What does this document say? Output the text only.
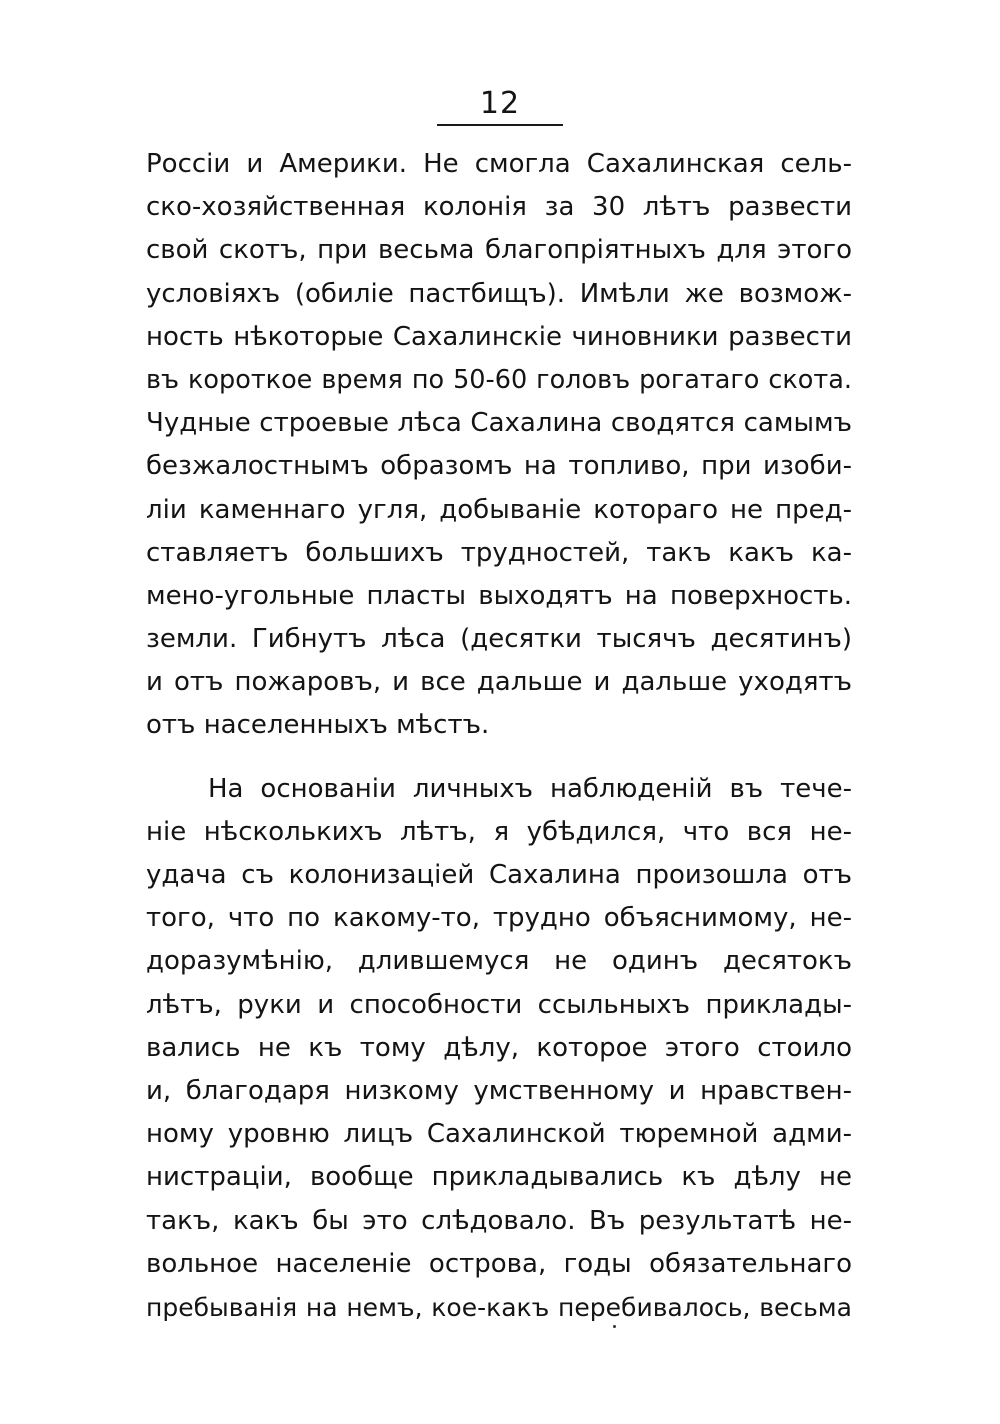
12
Россіи и Америки. Не смогла Сахалинская сель-
ско-хозяйственная колонія за 30 лѣтъ развести
свой скотъ, при весьма благопріятныхъ для этого
условіяхъ (обиліе пастбищъ). Имѣли же возмож-
ность нѣкоторые Сахалинскіе чиновники развести
въ короткое время по 50-60 головъ рогатаго скота.
Чудные строевые лѣса Сахалина сводятся самымъ
безжалостнымъ образомъ на топливо, при изоби-
ліи каменнаго угля, добываніе котораго не пред-
ставляетъ большихъ трудностей, такъ какъ ка-
мено-угольные пласты выходятъ на поверхность.
земли. Гибнутъ лѣса (десятки тысячъ десятинъ)
и отъ пожаровъ, и все дальше и дальше уходятъ
отъ населенныхъ мѣстъ.
На основаніи личныхъ наблюденій въ тече-
ніе нѣсколькихъ лѣтъ, я убѣдился, что вся не-
удача съ колонизаціей Сахалина произошла отъ
того, что по какому-то, трудно объяснимому, не-
доразумѣнію, длившемуся не одинъ десятокъ
лѣтъ, руки и способности ссыльныхъ приклады-
вались не къ тому дѣлу, которое этого стоило
и, благодаря низкому умственному и нравствен-
ному уровню лицъ Сахалинской тюремной адми-
нистраціи, вообще прикладывались къ дѣлу не
такъ, какъ бы это слѣдовало. Въ результатѣ не-
вольное населеніе острова, годы обязательнаго
пребыванія на немъ, кое-какъ перебивалось, весьма
